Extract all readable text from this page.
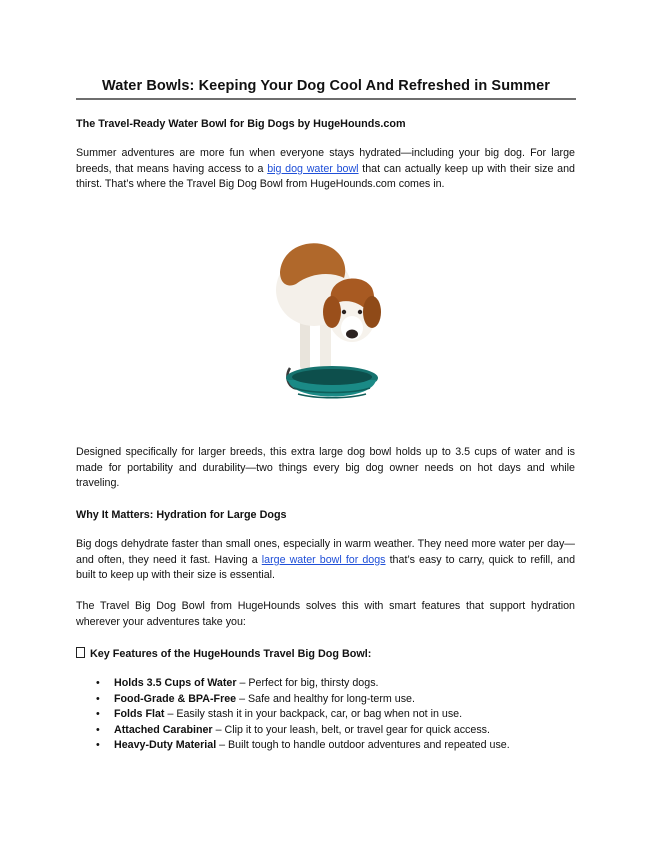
Water Bowls: Keeping Your Dog Cool And Refreshed in Summer
The Travel-Ready Water Bowl for Big Dogs by HugeHounds.com
Summer adventures are more fun when everyone stays hydrated—including your big dog. For large breeds, that means having access to a big dog water bowl that can actually keep up with their size and thirst. That’s where the Travel Big Dog Bowl from HugeHounds.com comes in.
Designed specifically for larger breeds, this extra large dog bowl holds up to 3.5 cups of water and is made for portability and durability—two things every big dog owner needs on hot days and while traveling.
Why It Matters: Hydration for Large Dogs
Big dogs dehydrate faster than small ones, especially in warm weather. They need more water per day—and often, they need it fast. Having a large water bowl for dogs that’s easy to carry, quick to refill, and built to keep up with their size is essential.
The Travel Big Dog Bowl from HugeHounds solves this with smart features that support hydration wherever your adventures take you:
Key Features of the HugeHounds Travel Big Dog Bowl:
• Holds 3.5 Cups of Water – Perfect for big, thirsty dogs.
• Food-Grade & BPA-Free – Safe and healthy for long-term use.
• Folds Flat – Easily stash it in your backpack, car, or bag when not in use.
• Attached Carabiner – Clip it to your leash, belt, or travel gear for quick access.
• Heavy-Duty Material – Built tough to handle outdoor adventures and repeated use.
